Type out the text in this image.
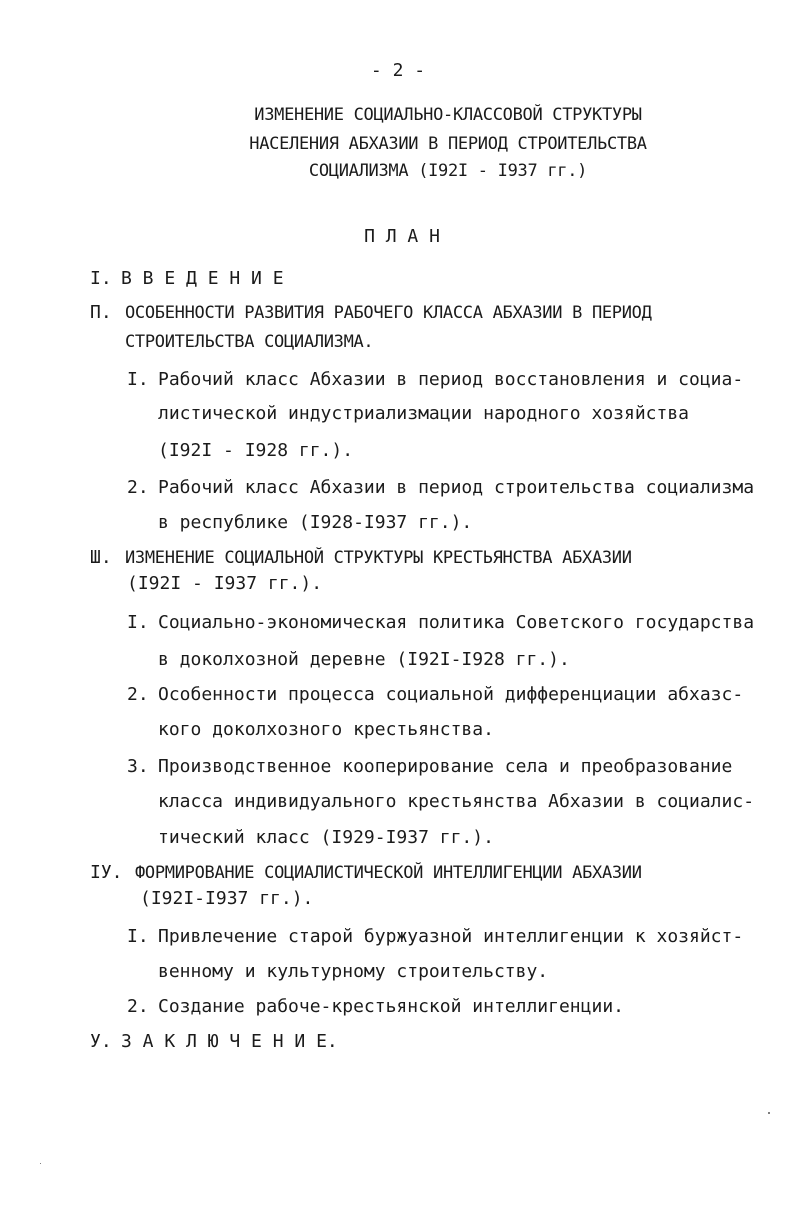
- 2 -
ИЗМЕНЕНИЕ СОЦИАЛЬНО-КЛАССОВОЙ СТРУКТУРЫ
НАСЕЛЕНИЯ АБХАЗИИ В ПЕРИОД СТРОИТЕЛЬСТВА
СОЦИАЛИЗМА (I92I - I937 гг.)
П Л А Н
I. В В Е Д Е Н И Е
П. ОСОБЕННОСТИ РАЗВИТИЯ РАБОЧЕГО КЛАССА АБХАЗИИ В ПЕРИОД
СТРОИТЕЛЬСТВА СОЦИАЛИЗМА.
I. Рабочий класс Абхазии в период восстановления и социа-
листической индустриализмации народного хозяйства
(I92I - I928 гг.).
2. Рабочий класс Абхазии в период строительства социализма
в республике (I928-I937 гг.).
Ш. ИЗМЕНЕНИЕ СОЦИАЛЬНОЙ СТРУКТУРЫ КРЕСТЬЯНСТВА АБХАЗИИ
(I92I - I937 гг.).
I. Социально-экономическая политика Советского государства
в доколхозной деревне (I92I-I928 гг.).
2. Особенности процесса социальной дифференциации абхазс-
кого доколхозного крестьянства.
3. Производственное кооперирование села и преобразование
класса индивидуального крестьянства Абхазии в социалис-
тический класс (I929-I937 гг.).
IУ. ФОРМИРОВАНИЕ СОЦИАЛИСТИЧЕСКОЙ ИНТЕЛЛИГЕНЦИИ АБХАЗИИ
(I92I-I937 гг.).
I. Привлечение старой буржуазной интеллигенции к хозяйст-
венному и культурному строительству.
2. Создание рабоче-крестьянской интеллигенции.
У. З А К Л Ю Ч Е Н И Е.
